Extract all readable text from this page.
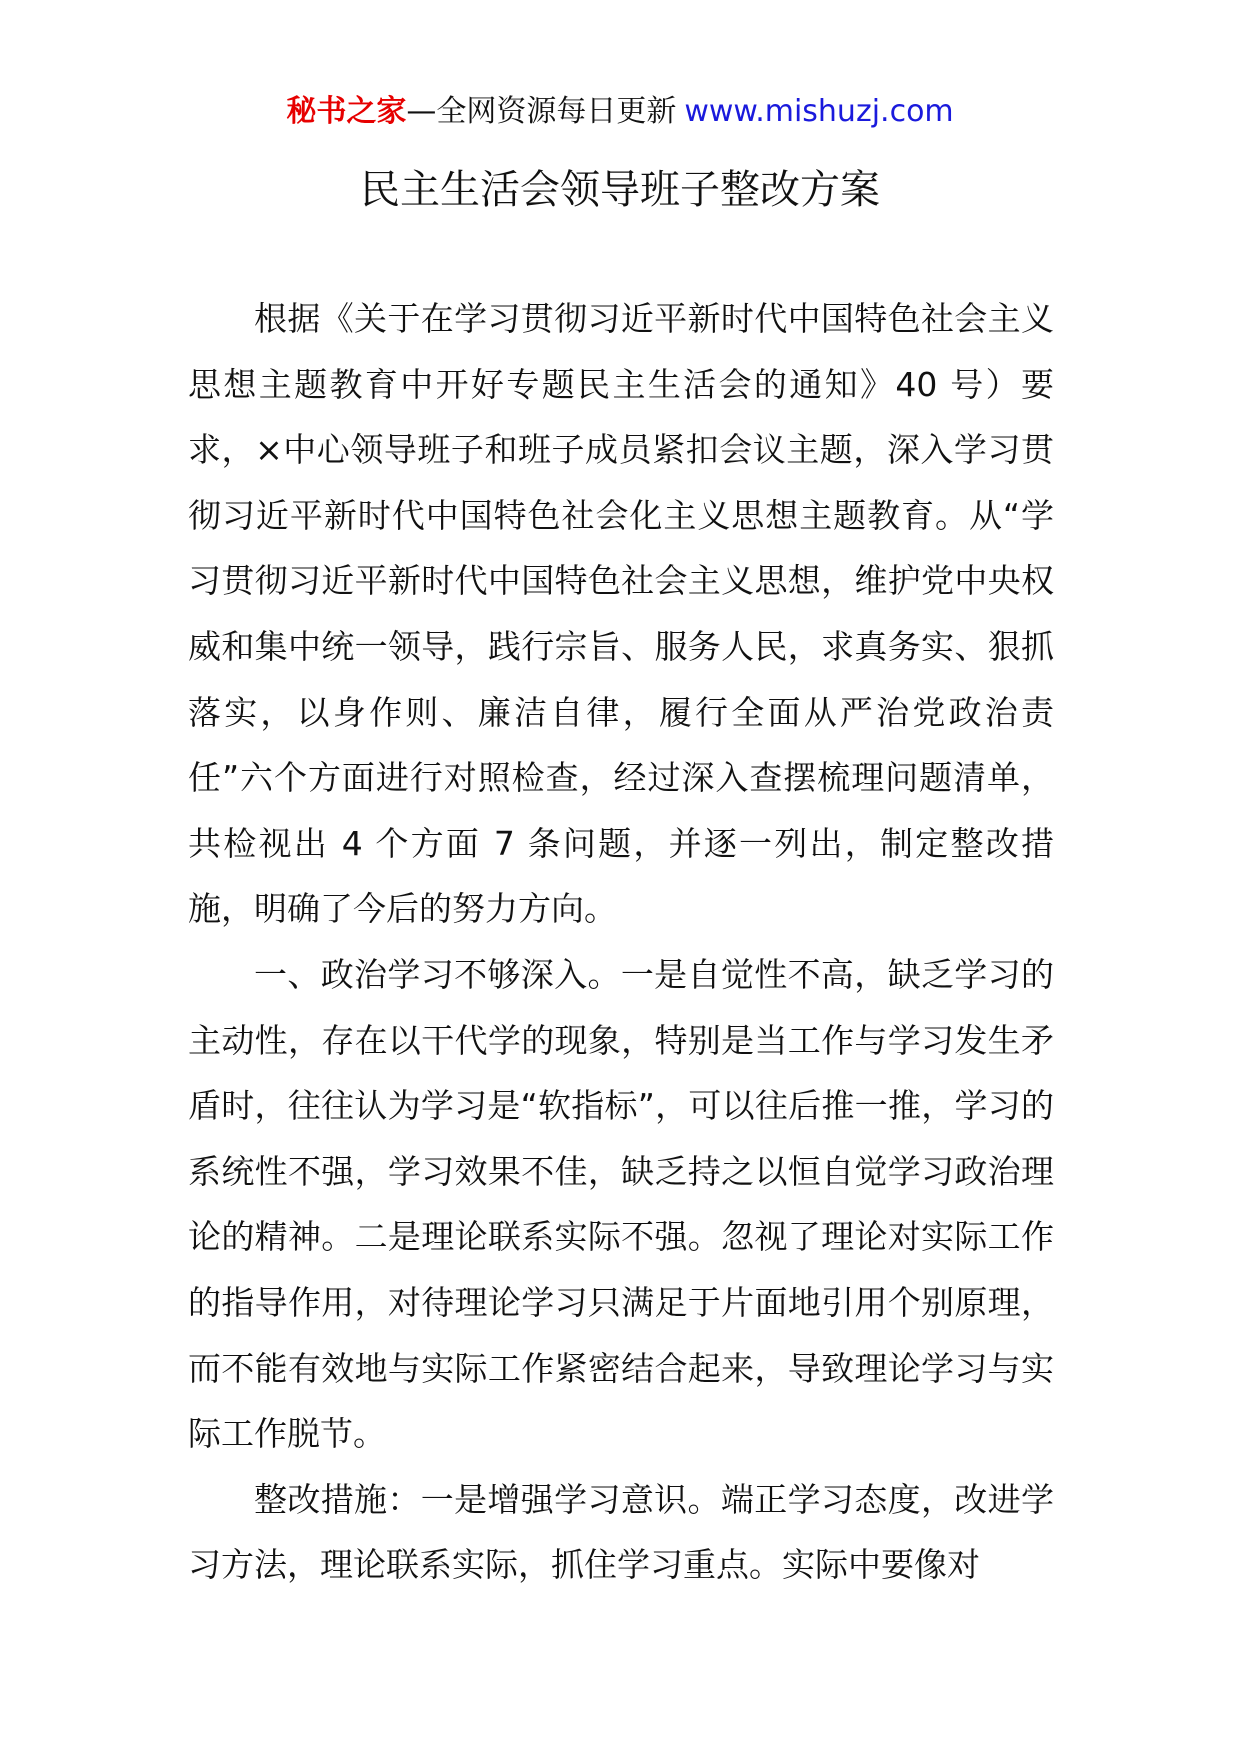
秘书之家—全网资源每日更新 www.mishuzj.com
民主生活会领导班子整改方案

根据《关于在学习贯彻习近平新时代中国特色社会主义思想主题教育中开好专题民主生活会的通知》40 号）要求，×中心领导班子和班子成员紧扣会议主题，深入学习贯彻习近平新时代中国特色社会化主义思想主题教育。从“学习贯彻习近平新时代中国特色社会主义思想，维护党中央权威和集中统一领导，践行宗旨、服务人民，求真务实、狠抓落实，以身作则、廉洁自律，履行全面从严治党政治责任”六个方面进行对照检查，经过深入查摆梳理问题清单，共检视出 4 个方面 7 条问题，并逐一列出，制定整改措施，明确了今后的努力方向。

一、政治学习不够深入。一是自觉性不高，缺乏学习的主动性，存在以干代学的现象，特别是当工作与学习发生矛盾时，往往认为学习是“软指标”，可以往后推一推，学习的系统性不强，学习效果不佳，缺乏持之以恒自觉学习政治理论的精神。二是理论联系实际不强。忽视了理论对实际工作的指导作用，对待理论学习只满足于片面地引用个别原理，而不能有效地与实际工作紧密结合起来，导致理论学习与实际工作脱节。

整改措施：一是增强学习意识。端正学习态度，改进学习方法，理论联系实际，抓住学习重点。实际中要像对
